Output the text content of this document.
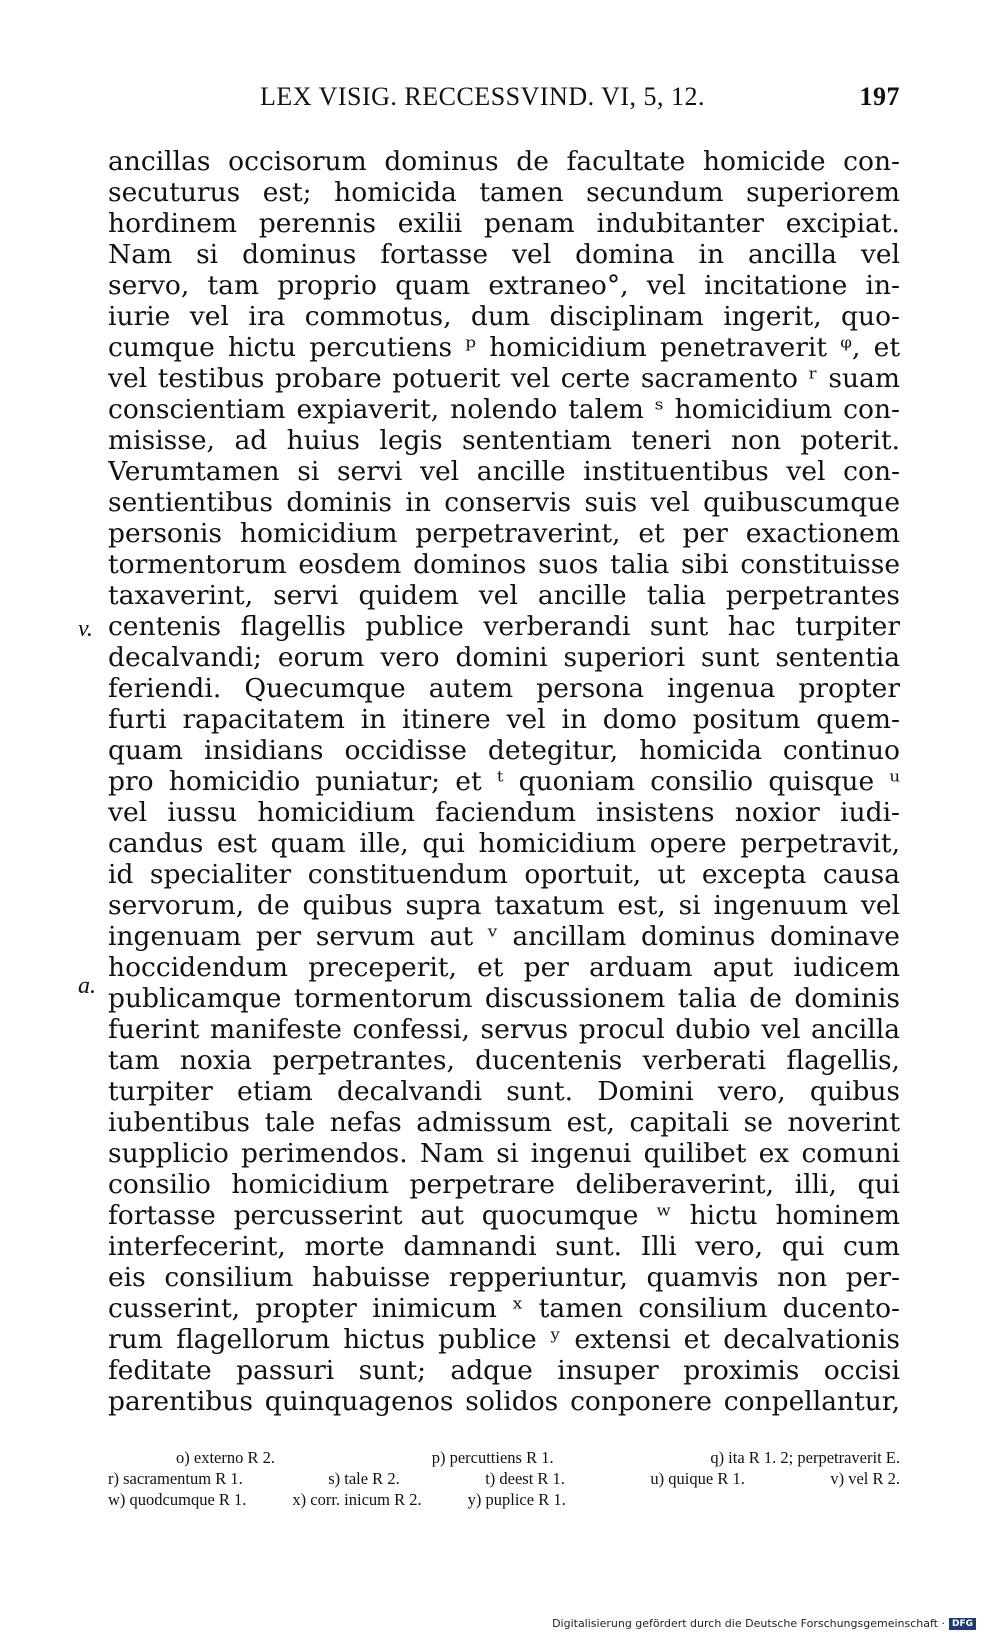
LEX VISIG. RECCESSVIND. VI, 5, 12.	197
v.
a.
ancillas occisorum dominus de facultate homicide con-
secuturus est; homicida tamen secundum superiorem
hordinem perennis exilii penam indubitanter excipiat.
Nam si dominus fortasse vel domina in ancilla vel
servo, tam proprio quam extraneo°, vel incitatione in-
iurie vel ira commotus, dum disciplinam ingerit, quo-
cumque hictu percutiens ᵖ homicidium penetraverit ᵠ, et
vel testibus probare potuerit vel certe sacramento ʳ suam
conscientiam expiaverit, nolendo talem ˢ homicidium con-
misisse, ad huius legis sententiam teneri non poterit.
Verumtamen si servi vel ancille instituentibus vel con-
sentientibus dominis in conservis suis vel quibuscumque
personis homicidium perpetraverint, et per exactionem
tormentorum eosdem dominos suos talia sibi constituisse
taxaverint, servi quidem vel ancille talia perpetrantes
centenis flagellis publice verberandi sunt hac turpiter
decalvandi; eorum vero domini superiori sunt sententia
feriendi. Quecumque autem persona ingenua propter
furti rapacitatem in itinere vel in domo positum quem-
quam insidians occidisse detegitur, homicida continuo
pro homicidio puniatur; et ᵗ quoniam consilio quisque ᵘ
vel iussu homicidium faciendum insistens noxior iudi-
candus est quam ille, qui homicidium opere perpetravit,
id specialiter constituendum oportuit, ut excepta causa
servorum, de quibus supra taxatum est, si ingenuum vel
ingenuam per servum aut ᵛ ancillam dominus dominave
hoccidendum preceperit, et per arduam aput iudicem
publicamque tormentorum discussionem talia de dominis
fuerint manifeste confessi, servus procul dubio vel ancilla
tam noxia perpetrantes, ducentenis verberati flagellis,
turpiter etiam decalvandi sunt. Domini vero, quibus
iubentibus tale nefas admissum est, capitali se noverint
supplicio perimendos. Nam si ingenui quilibet ex comuni
consilio homicidium perpetrare deliberaverint, illi, qui
fortasse percusserint aut quocumque ʷ hictu hominem
interfecerint, morte damnandi sunt. Illi vero, qui cum
eis consilium habuisse repperiuntur, quamvis non per-
cusserint, propter inimicum ˣ tamen consilium ducento-
rum flagellorum hictus publice ʸ extensi et decalvationis
feditate passuri sunt; adque insuper proximis occisi
parentibus quinquagenos solidos conponere conpellantur,
o) externo R 2.	p) percuttiens R 1.	q) ita R 1. 2; perpetraverit E.
r) sacramentum R 1.	s) tale R 2.	t) deest R 1.	u) quique R 1.	v) vel R 2.
w) quodcumque R 1.	x) corr. inicum R 2.	y) puplice R 1.
Digitalisierung gefördert durch die Deutsche Forschungsgemeinschaft · DFG
